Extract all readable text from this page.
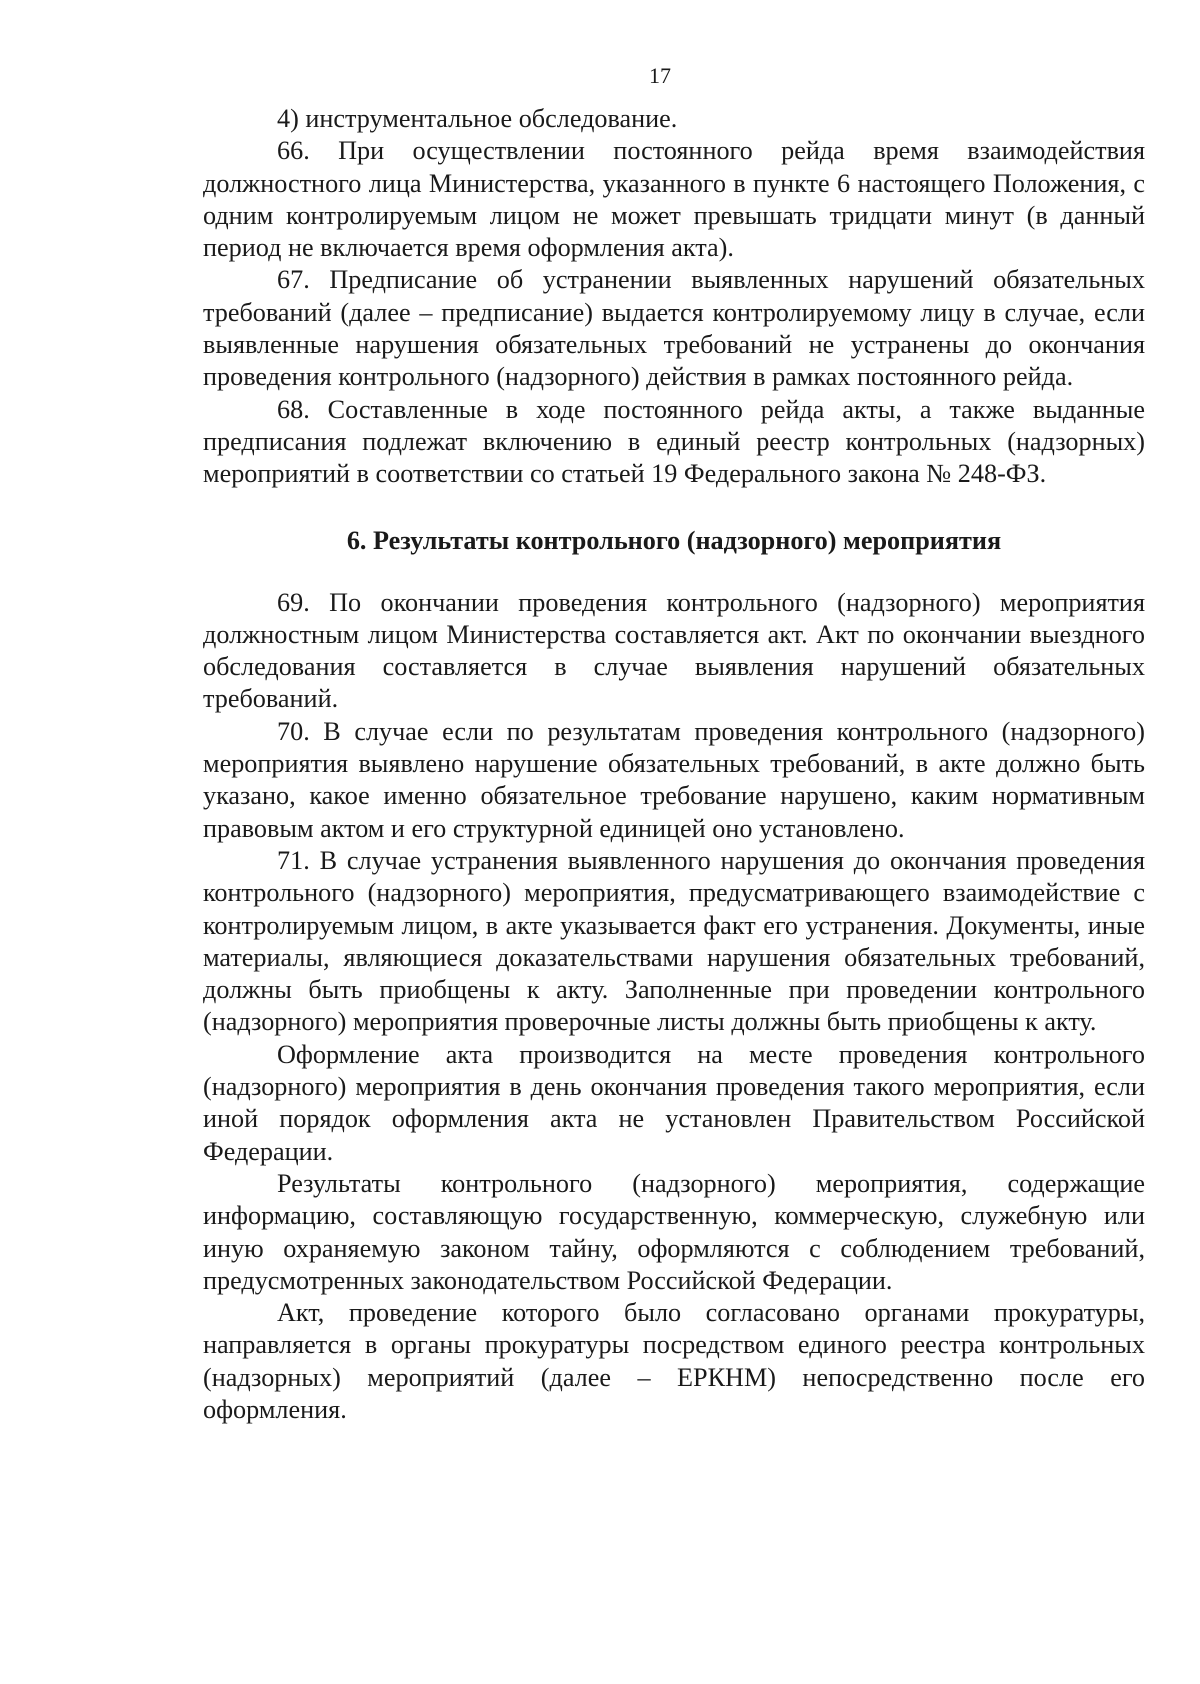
17

4) инструментальное обследование.

66. При осуществлении постоянного рейда время взаимодействия должностного лица Министерства, указанного в пункте 6 настоящего Положения, с одним контролируемым лицом не может превышать тридцати минут (в данный период не включается время оформления акта).

67. Предписание об устранении выявленных нарушений обязательных требований (далее – предписание) выдается контролируемому лицу в случае, если выявленные нарушения обязательных требований не устранены до окончания проведения контрольного (надзорного) действия в рамках постоянного рейда.

68. Составленные в ходе постоянного рейда акты, а также выданные предписания подлежат включению в единый реестр контрольных (надзорных) мероприятий в соответствии со статьей 19 Федерального закона № 248-ФЗ.

6. Результаты контрольного (надзорного) мероприятия

69. По окончании проведения контрольного (надзорного) мероприятия должностным лицом Министерства составляется акт. Акт по окончании выездного обследования составляется в случае выявления нарушений обязательных требований.

70. В случае если по результатам проведения контрольного (надзорного) мероприятия выявлено нарушение обязательных требований, в акте должно быть указано, какое именно обязательное требование нарушено, каким нормативным правовым актом и его структурной единицей оно установлено.

71. В случае устранения выявленного нарушения до окончания проведения контрольного (надзорного) мероприятия, предусматривающего взаимодействие с контролируемым лицом, в акте указывается факт его устранения. Документы, иные материалы, являющиеся доказательствами нарушения обязательных требований, должны быть приобщены к акту. Заполненные при проведении контрольного (надзорного) мероприятия проверочные листы должны быть приобщены к акту.

Оформление акта производится на месте проведения контрольного (надзорного) мероприятия в день окончания проведения такого мероприятия, если иной порядок оформления акта не установлен Правительством Российской Федерации.

Результаты контрольного (надзорного) мероприятия, содержащие информацию, составляющую государственную, коммерческую, служебную или иную охраняемую законом тайну, оформляются с соблюдением требований, предусмотренных законодательством Российской Федерации.

Акт, проведение которого было согласовано органами прокуратуры, направляется в органы прокуратуры посредством единого реестра контрольных (надзорных) мероприятий (далее – ЕРКНМ) непосредственно после его оформления.
